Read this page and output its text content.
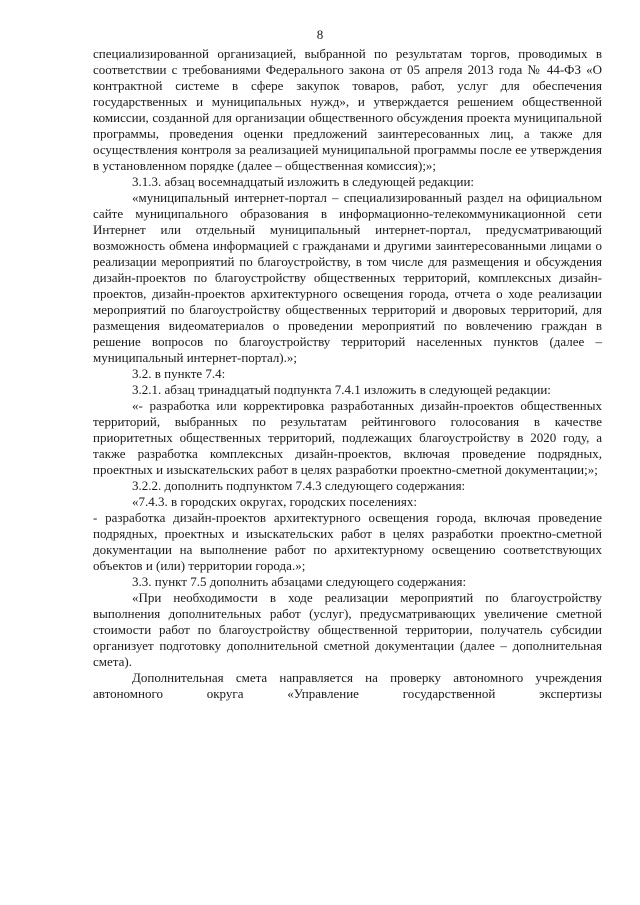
8

специализированной организацией, выбранной по результатам торгов, проводимых в соответствии с требованиями Федерального закона от 05 апреля 2013 года № 44-ФЗ «О контрактной системе в сфере закупок товаров, работ, услуг для обеспечения государственных и муниципальных нужд», и утверждается решением общественной комиссии, созданной для организации общественного обсуждения проекта муниципальной программы, проведения оценки предложений заинтересованных лиц, а также для осуществления контроля за реализацией муниципальной программы после ее утверждения в установленном порядке (далее – общественная комиссия);»;

3.1.3. абзац восемнадцатый изложить в следующей редакции:

«муниципальный интернет-портал – специализированный раздел на официальном сайте муниципального образования в информационно-телекоммуникационной сети Интернет или отдельный муниципальный интернет-портал, предусматривающий возможность обмена информацией с гражданами и другими заинтересованными лицами о реализации мероприятий по благоустройству, в том числе для размещения и обсуждения дизайн-проектов по благоустройству общественных территорий, комплексных дизайн-проектов, дизайн-проектов архитектурного освещения города, отчета о ходе реализации мероприятий по благоустройству общественных территорий и дворовых территорий, для размещения видеоматериалов о проведении мероприятий по вовлечению граждан в решение вопросов по благоустройству территорий населенных пунктов (далее – муниципальный интернет-портал).»;

3.2. в пункте 7.4:

3.2.1. абзац тринадцатый подпункта 7.4.1 изложить в следующей редакции:

«- разработка или корректировка разработанных дизайн-проектов общественных территорий, выбранных по результатам рейтингового голосования в качестве приоритетных общественных территорий, подлежащих благоустройству в 2020 году, а также разработка комплексных дизайн-проектов, включая проведение подрядных, проектных и изыскательских работ в целях разработки проектно-сметной документации;»;

3.2.2. дополнить подпунктом 7.4.3 следующего содержания:

«7.4.3. в городских округах, городских поселениях:

- разработка дизайн-проектов архитектурного освещения города, включая проведение подрядных, проектных и изыскательских работ в целях разработки проектно-сметной документации на выполнение работ по архитектурному освещению соответствующих объектов и (или) территории города.»;

3.3. пункт 7.5 дополнить абзацами следующего содержания:

«При необходимости в ходе реализации мероприятий по благоустройству выполнения дополнительных работ (услуг), предусматривающих увеличение сметной стоимости работ по благоустройству общественной территории, получатель субсидии организует подготовку дополнительной сметной документации (далее – дополнительная смета).

Дополнительная смета направляется на проверку автономного учреждения автономного округа «Управление государственной экспертизы
